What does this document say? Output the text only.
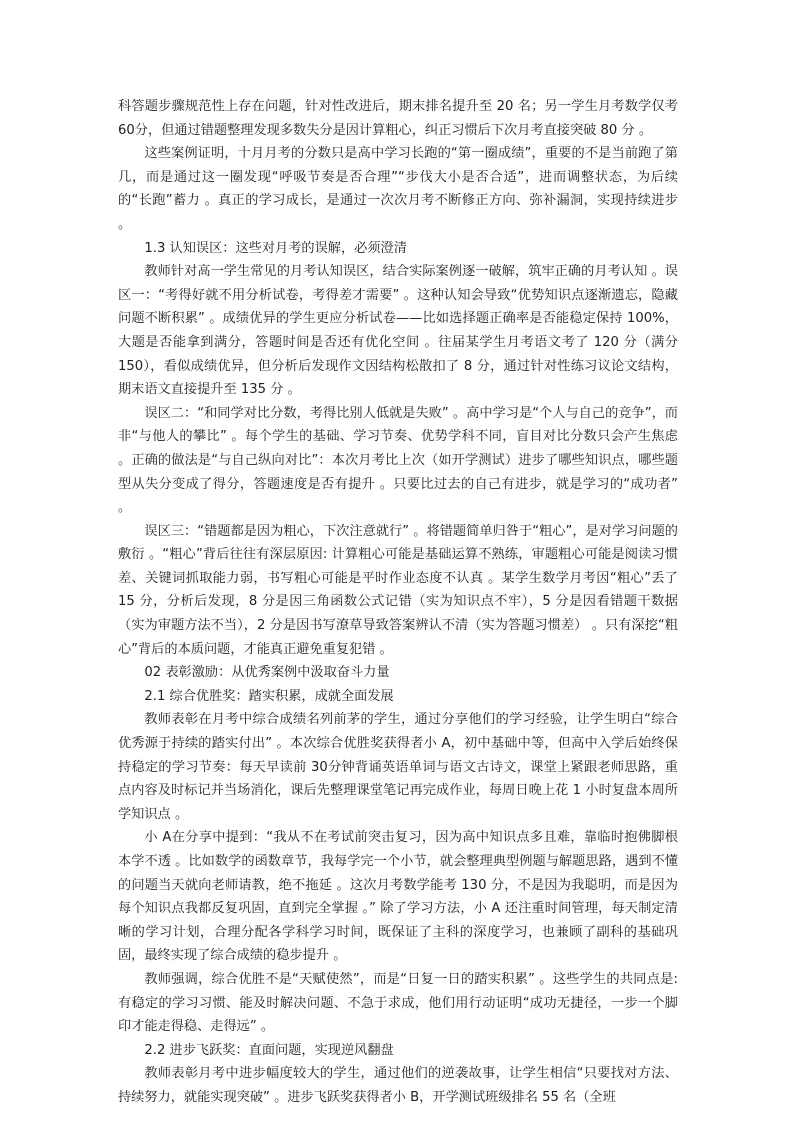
科答题步骤规范性上存在问题，针对性改进后，期末排名提升至 20 名；另一学生月考数学仅考 60分，但通过错题整理发现多数失分是因计算粗心，纠正习惯后下次月考直接突破 80 分 。

这些案例证明，十月月考的分数只是高中学习长跑的“第一圈成绩”，重要的不是当前跑了第几，而是通过这一圈发现“呼吸节奏是否合理”“步伐大小是否合适”，进而调整状态，为后续的“长跑”蓄力 。真正的学习成长，是通过一次次月考不断修正方向、弥补漏洞，实现持续进步 。

1.3 认知误区：这些对月考的误解，必须澄清

教师针对高一学生常见的月考认知误区，结合实际案例逐一破解，筑牢正确的月考认知 。误区一：“考得好就不用分析试卷，考得差才需要” 。这种认知会导致“优势知识点逐渐遗忘，隐藏问题不断积累” 。成绩优异的学生更应分析试卷——比如选择题正确率是否能稳定保持 100%，大题是否能拿到满分，答题时间是否还有优化空间 。往届某学生月考语文考了 120 分（满分 150），看似成绩优异，但分析后发现作文因结构松散扣了 8 分，通过针对性练习议论文结构，期末语文直接提升至 135 分 。

误区二：“和同学对比分数，考得比别人低就是失败” 。高中学习是“个人与自己的竞争”，而非“与他人的攀比” 。每个学生的基础、学习节奏、优势学科不同，盲目对比分数只会产生焦虑 。正确的做法是“与自己纵向对比”：本次月考比上次（如开学测试）进步了哪些知识点，哪些题型从失分变成了得分，答题速度是否有提升 。只要比过去的自己有进步，就是学习的“成功者” 。

误区三：“错题都是因为粗心，下次注意就行” 。将错题简单归咎于“粗心”，是对学习问题的敷衍 。“粗心”背后往往有深层原因: 计算粗心可能是基础运算不熟练，审题粗心可能是阅读习惯差、关键词抓取能力弱，书写粗心可能是平时作业态度不认真 。某学生数学月考因“粗心”丢了 15 分，分析后发现，8 分是因三角函数公式记错（实为知识点不牢），5 分是因看错题干数据（实为审题方法不当），2 分是因书写潦草导致答案辨认不清（实为答题习惯差） 。只有深挖“粗心”背后的本质问题，才能真正避免重复犯错 。

02 表彰激励：从优秀案例中汲取奋斗力量

2.1 综合优胜奖：踏实积累，成就全面发展

教师表彰在月考中综合成绩名列前茅的学生，通过分享他们的学习经验，让学生明白“综合优秀源于持续的踏实付出” 。本次综合优胜奖获得者小 A，初中基础中等，但高中入学后始终保持稳定的学习节奏：每天早读前 30分钟背诵英语单词与语文古诗文，课堂上紧跟老师思路，重点内容及时标记并当场消化，课后先整理课堂笔记再完成作业，每周日晚上花 1 小时复盘本周所学知识点 。

小 A在分享中提到：“我从不在考试前突击复习，因为高中知识点多且难，靠临时抱佛脚根本学不透 。比如数学的函数章节，我每学完一个小节，就会整理典型例题与解题思路，遇到不懂的问题当天就向老师请教，绝不拖延 。这次月考数学能考 130 分，不是因为我聪明，而是因为每个知识点我都反复巩固，直到完全掌握 。” 除了学习方法，小 A 还注重时间管理，每天制定清晰的学习计划，合理分配各学科学习时间，既保证了主科的深度学习，也兼顾了副科的基础巩固，最终实现了综合成绩的稳步提升 。

教师强调，综合优胜不是“天赋使然”，而是“日复一日的踏实积累” 。这些学生的共同点是: 有稳定的学习习惯、能及时解决问题、不急于求成，他们用行动证明“成功无捷径，一步一个脚印才能走得稳、走得远” 。

2.2 进步飞跃奖：直面问题，实现逆风翻盘

教师表彰月考中进步幅度较大的学生，通过他们的逆袭故事，让学生相信“只要找对方法、持续努力，就能实现突破” 。进步飞跃奖获得者小 B，开学测试班级排名 55 名（全班
